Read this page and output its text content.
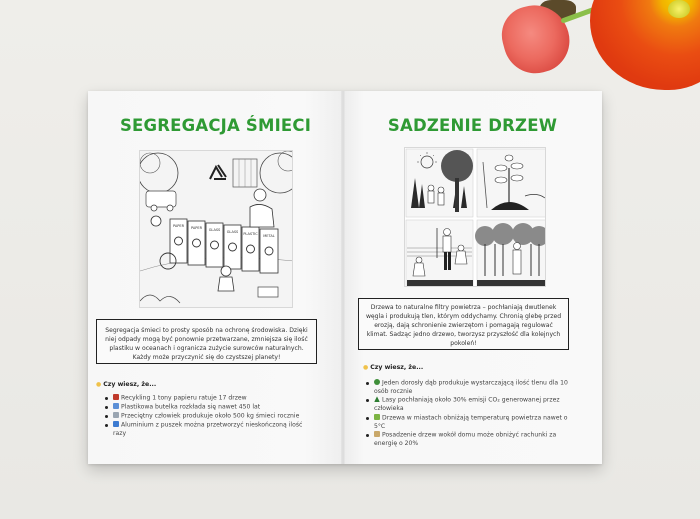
SEGREGACJA ŚMIECI
PAPER PAPER GLASS GLASS PLASTIC METAL
Segregacja śmieci to prosty sposób na ochronę środowiska. Dzięki niej odpady mogą być ponownie przetwarzane, zmniejsza się ilość plastiku w oceanach i ogranicza zużycie surowców naturalnych. Każdy może przyczynić się do czystszej planety!
● Czy wiesz, że...
Recykling 1 tony papieru ratuje 17 drzew
Plastikowa butelka rozkłada się nawet 450 lat
Przeciętny człowiek produkuje około 500 kg śmieci rocznie
Aluminium z puszek można przetworzyć nieskończoną ilość razy
SADZENIE DRZEW
Drzewa to naturalne filtry powietrza – pochłaniają dwutlenek węgla i produkują tlen, którym oddychamy. Chronią glebę przed erozją, dają schronienie zwierzętom i pomagają regulować klimat. Sadząc jedno drzewo, tworzysz przyszłość dla kolejnych pokoleń!
● Czy wiesz, że...
Jeden dorosły dąb produkuje wystarczającą ilość tlenu dla 10 osób rocznie
Lasy pochłaniają około 30% emisji CO₂ generowanej przez człowieka
Drzewa w miastach obniżają temperaturę powietrza nawet o 5°C
Posadzenie drzew wokół domu może obniżyć rachunki za energię o 20%
